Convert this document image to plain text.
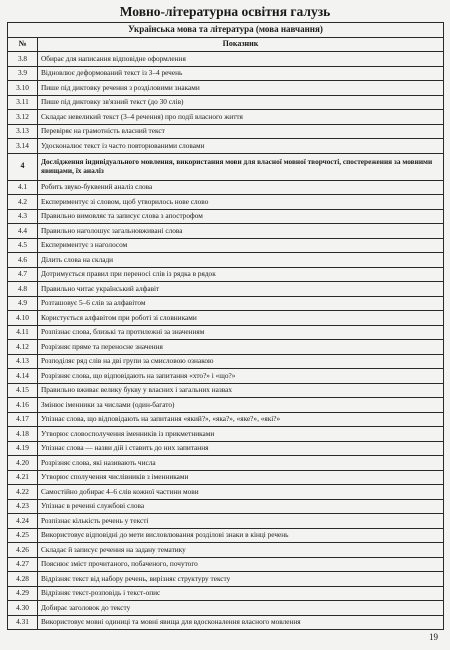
Мовно-літературна освітня галузь
Українська мова та література (мова навчання)	
№	Показник
3.8	Обирає для написання відповідне оформлення
3.9	Відновлює деформований текст із 3–4 речень
3.10	Пише під диктовку речення з розділовими знаками
3.11	Пише під диктовку зв'язний текст (до 30 слів)
3.12	Складає невеликий текст (3–4 речення) про події власного життя
3.13	Перевіряє на грамотність власний текст
3.14	Удосконалює текст із часто повторюваними словами
4	Дослідження індивідуального мовлення, використання мови для власної мовної творчості, спостереження за мовними явищами, їх аналіз
4.1	Робить звуко-буквений аналіз слова
4.2	Експериментує зі словом, щоб утворилось нове слово
4.3	Правильно вимовляє та записує слова з апострофом
4.4	Правильно наголошує загальновживані слова
4.5	Експериментує з наголосом
4.6	Ділить слова на склади
4.7	Дотримується правил при переносі слів із рядка в рядок
4.8	Правильно читає український алфавіт
4.9	Розташовує 5–6 слів за алфавітом
4.10	Користується алфавітом при роботі зі словниками
4.11	Розпізнає слова, близькі та протилежні за значенням
4.12	Розрізняє пряме та переносне значення
4.13	Розподіляє ряд слів на дві групи за смисловою ознакою
4.14	Розрізняє слова, що відповідають на запитання «хто?» і «що?»
4.15	Правильно вживає велику букву у власних і загальних назвах
4.16	Змінює іменники за числами (один-багато)
4.17	Упізнає слова, що відповідають на запитання «який?», «яка?», «яке?», «які?»
4.18	Утворює словосполучення іменників із прикметниками
4.19	Упізнає слова — назви дій і ставить до них запитання
4.20	Розрізняє слова, які називають числа
4.21	Утворює сполучення числівників з іменниками
4.22	Самостійно добирає 4–6 слів кожної частини мови
4.23	Упізнає в реченні службові слова
4.24	Розпізнає кількість речень у тексті
4.25	Використовує відповідні до мети висловлювання розділові знаки в кінці речень
4.26	Складає й записує речення на задану тематику
4.27	Пояснює зміст прочитаного, побаченого, почутого
4.28	Відрізняє текст від набору речень, вирізняє структуру тексту
4.29	Відрізняє текст-розповідь і текст-опис
4.30	Добирає заголовок до тексту
4.31	Використовує мовні одиниці та мовні явища для вдосконалення власного мовлення
19
